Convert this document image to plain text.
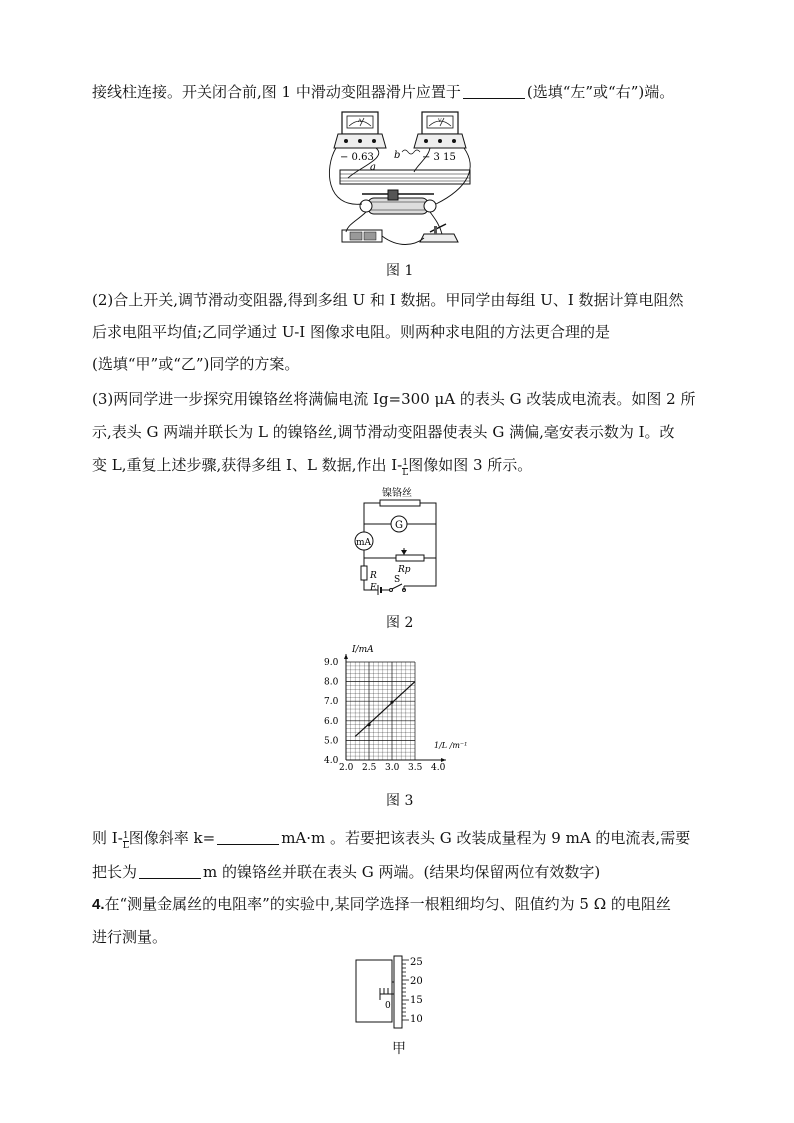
接线柱连接。开关闭合前,图 1 中滑动变阻器滑片应置于	(选填“左”或“右”)端。
A
− 0.63
V
− 3 15
b
a
图 1
(2)合上开关,调节滑动变阻器,得到多组 U 和 I 数据。甲同学由每组 U、I 数据计算电阻然
后求电阻平均值;乙同学通过 U-I 图像求电阻。则两种求电阻的方法更合理的是
(选填“甲”或“乙”)同学的方案。
(3)两同学进一步探究用镍铬丝将满偏电流 Ig=300 μA 的表头 G 改装成电流表。如图 2 所
示,表头 G 两端并联长为 L 的镍铬丝,调节滑动变阻器使表头 G 满偏,毫安表示数为 I。改
变 L,重复上述步骤,获得多组 I、L 数据,作出 $I- \frac{1}{L}$ 图像如图 3 所示。
镍铬丝
G
mA
Rp
R
E
S
图 2
I/mA
1/L /m⁻¹
2.0 2.5 3.0 3.5 4.0
4.0
5.0
6.0
7.0
8.0
9.0
图 3
则 $I- \frac{1}{L}$ 图像斜率 k=	mA·m 。若要把该表头 G 改装成量程为 9 mA 的电流表,需要
把长为	m 的镍铬丝并联在表头 G 两端。(结果均保留两位有效数字)
4.在“测量金属丝的电阻率”的实验中,某同学选择一根粗细均匀、阻值约为 5 Ω 的电阻丝
进行测量。
0
25
20
15
10
甲
